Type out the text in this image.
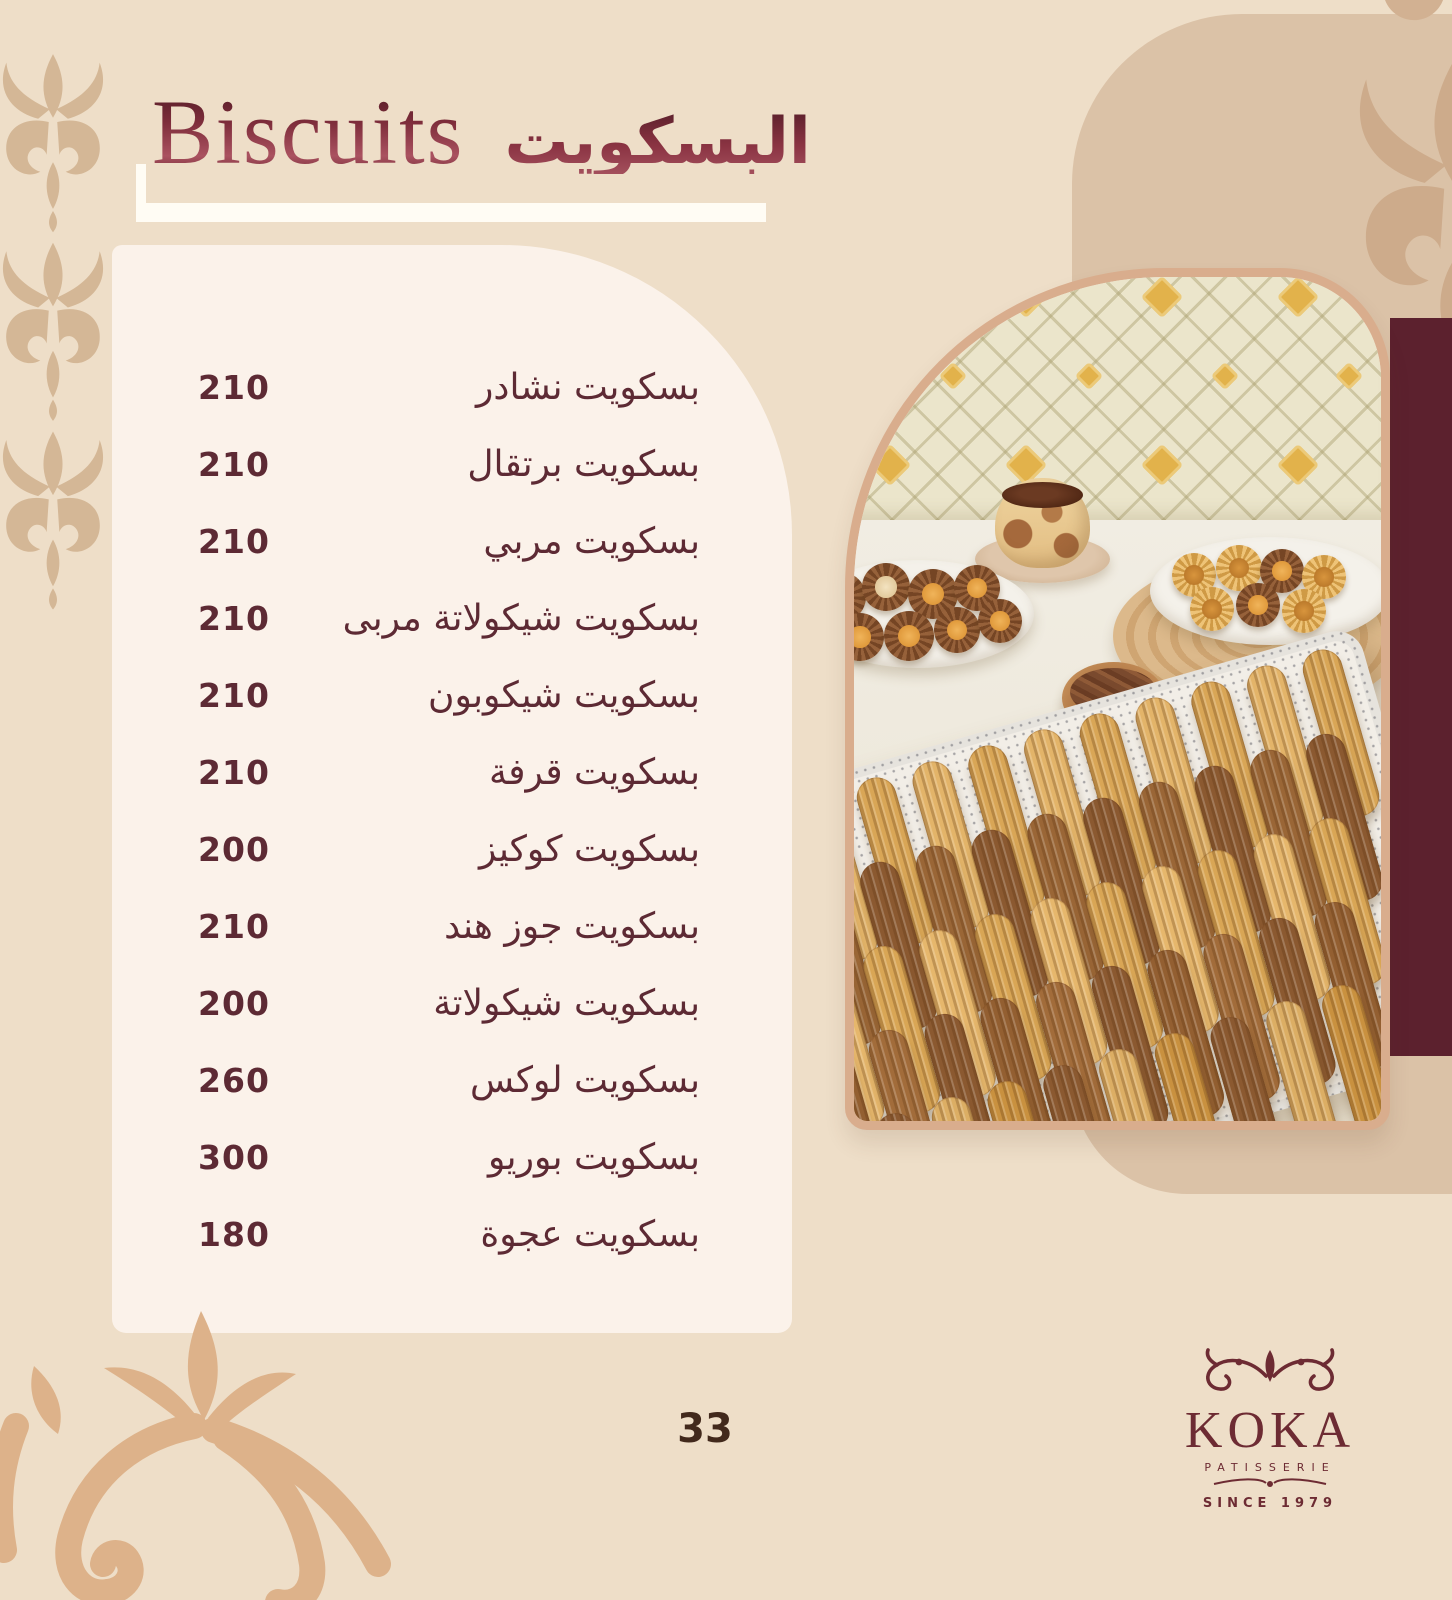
Biscuits البسكويت
210	بسكويت نشادر
210	بسكويت برتقال
210	بسكويت مربي
210 بسكويت شيكولاتة مربى
210	بسكويت شيكوبون
210	بسكويت قرفة
200	بسكويت كوكيز
210	بسكويت جوز هند
200	بسكويت شيكولاتة
260	بسكويت لوكس
300	بسكويت بوريو
180	بسكويت عجوة
KOKA
PATISSERIE
SINCE 1979
33
